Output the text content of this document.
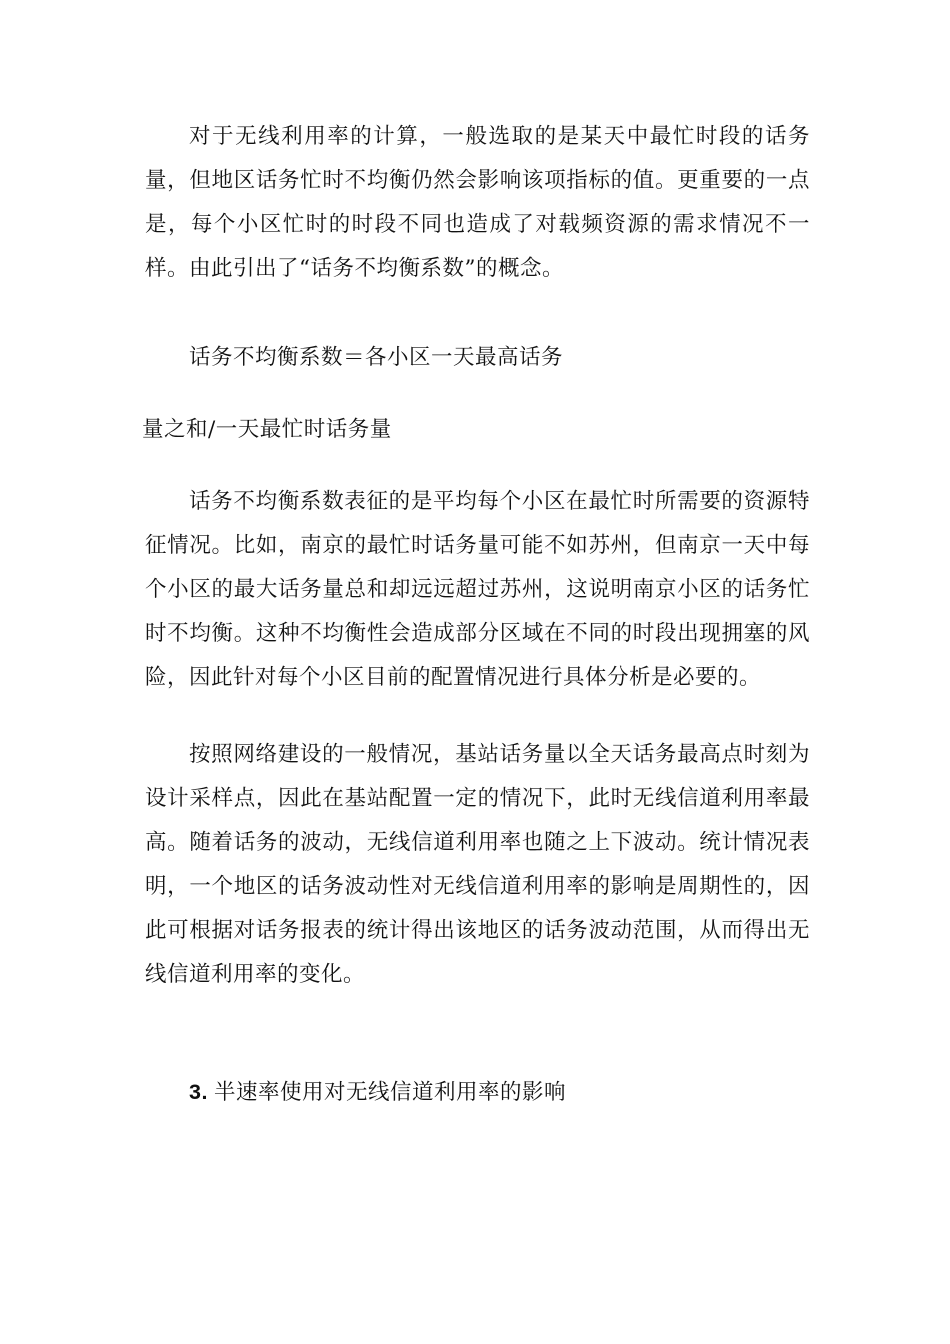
对于无线利用率的计算，一般选取的是某天中最忙时段的话务量，但地区话务忙时不均衡仍然会影响该项指标的值。更重要的一点是，每个小区忙时的时段不同也造成了对载频资源的需求情况不一样。由此引出了“话务不均衡系数”的概念。

话务不均衡系数＝各小区一天最高话务

量之和/一天最忙时话务量

话务不均衡系数表征的是平均每个小区在最忙时所需要的资源特征情况。比如，南京的最忙时话务量可能不如苏州，但南京一天中每个小区的最大话务量总和却远远超过苏州，这说明南京小区的话务忙时不均衡。这种不均衡性会造成部分区域在不同的时段出现拥塞的风险，因此针对每个小区目前的配置情况进行具体分析是必要的。

按照网络建设的一般情况，基站话务量以全天话务最高点时刻为设计采样点，因此在基站配置一定的情况下，此时无线信道利用率最高。随着话务的波动，无线信道利用率也随之上下波动。统计情况表明，一个地区的话务波动性对无线信道利用率的影响是周期性的，因此可根据对话务报表的统计得出该地区的话务波动范围，从而得出无线信道利用率的变化。

3. 半速率使用对无线信道利用率的影响
